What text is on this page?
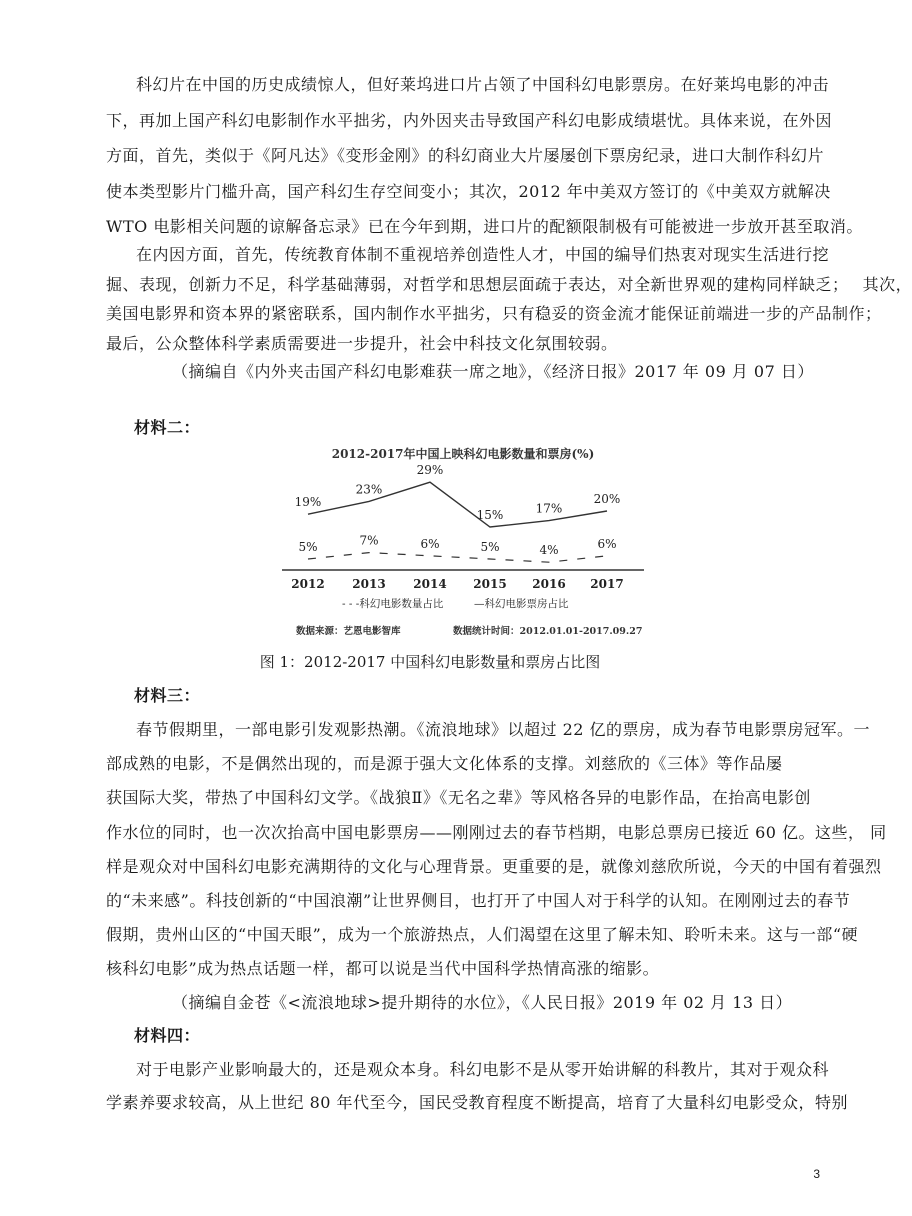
科幻片在中国的历史成绩惊人，但好莱坞进口片占领了中国科幻电影票房。在好莱坞电影的冲击
下，再加上国产科幻电影制作水平拙劣，内外因夹击导致国产科幻电影成绩堪忧。具体来说，在外因
方面，首先，类似于《阿凡达》《变形金刚》的科幻商业大片屡屡创下票房纪录，进口大制作科幻片
使本类型影片门槛升高，国产科幻生存空间变小；其次，2012 年中美双方签订的《中美双方就解决
WTO 电影相关问题的谅解备忘录》已在今年到期，进口片的配额限制极有可能被进一步放开甚至取消。
在内因方面，首先，传统教育体制不重视培养创造性人才，中国的编导们热衷对现实生活进行挖
掘、表现，创新力不足，科学基础薄弱，对哲学和思想层面疏于表达，对全新世界观的建构同样缺乏；　 其次，
美国电影界和资本界的紧密联系，国内制作水平拙劣，只有稳妥的资金流才能保证前端进一步的产品制作；
最后，公众整体科学素质需要进一步提升，社会中科技文化氛围较弱。
（摘编自《内外夹击国产科幻电影难获一席之地》，《经济日报》2017 年 09 月 07 日）
材料二：
2012-2017年中国上映科幻电影数量和票房(%)
19%
23%
29%
15%	17%
20%
5%	7%	6%	5%	4%	6%
2012 2013 2014 2015 2016 2017
- - -科幻电影数量占比	—科幻电影票房占比
数据来源：艺恩电影智库	数据统计时间：2012.01.01-2017.09.27
图 1：2012-2017 中国科幻电影数量和票房占比图
材料三：
春节假期里，一部电影引发观影热潮。《流浪地球》以超过 22 亿的票房，成为春节电影票房冠军。一
部成熟的电影，不是偶然出现的，而是源于强大文化体系的支撑。刘慈欣的《三体》等作品屡
获国际大奖，带热了中国科幻文学。《战狼Ⅱ》《无名之辈》等风格各异的电影作品，在抬高电影创
作水位的同时，也一次次抬高中国电影票房——刚刚过去的春节档期，电影总票房已接近 60 亿。这些， 同
样是观众对中国科幻电影充满期待的文化与心理背景。更重要的是，就像刘慈欣所说，今天的中国有着强烈
的“未来感”。科技创新的“中国浪潮”让世界侧目，也打开了中国人对于科学的认知。在刚刚过去的春节
假期，贵州山区的“中国天眼”，成为一个旅游热点，人们渴望在这里了解未知、聆听未来。这与一部“硬
核科幻电影”成为热点话题一样，都可以说是当代中国科学热情高涨的缩影。
（摘编自金苍《<流浪地球>提升期待的水位》，《人民日报》2019 年 02 月 13 日）
材料四：
对于电影产业影响最大的，还是观众本身。科幻电影不是从零开始讲解的科教片，其对于观众科
学素养要求较高，从上世纪 80 年代至今，国民受教育程度不断提高，培育了大量科幻电影受众，特别
3
